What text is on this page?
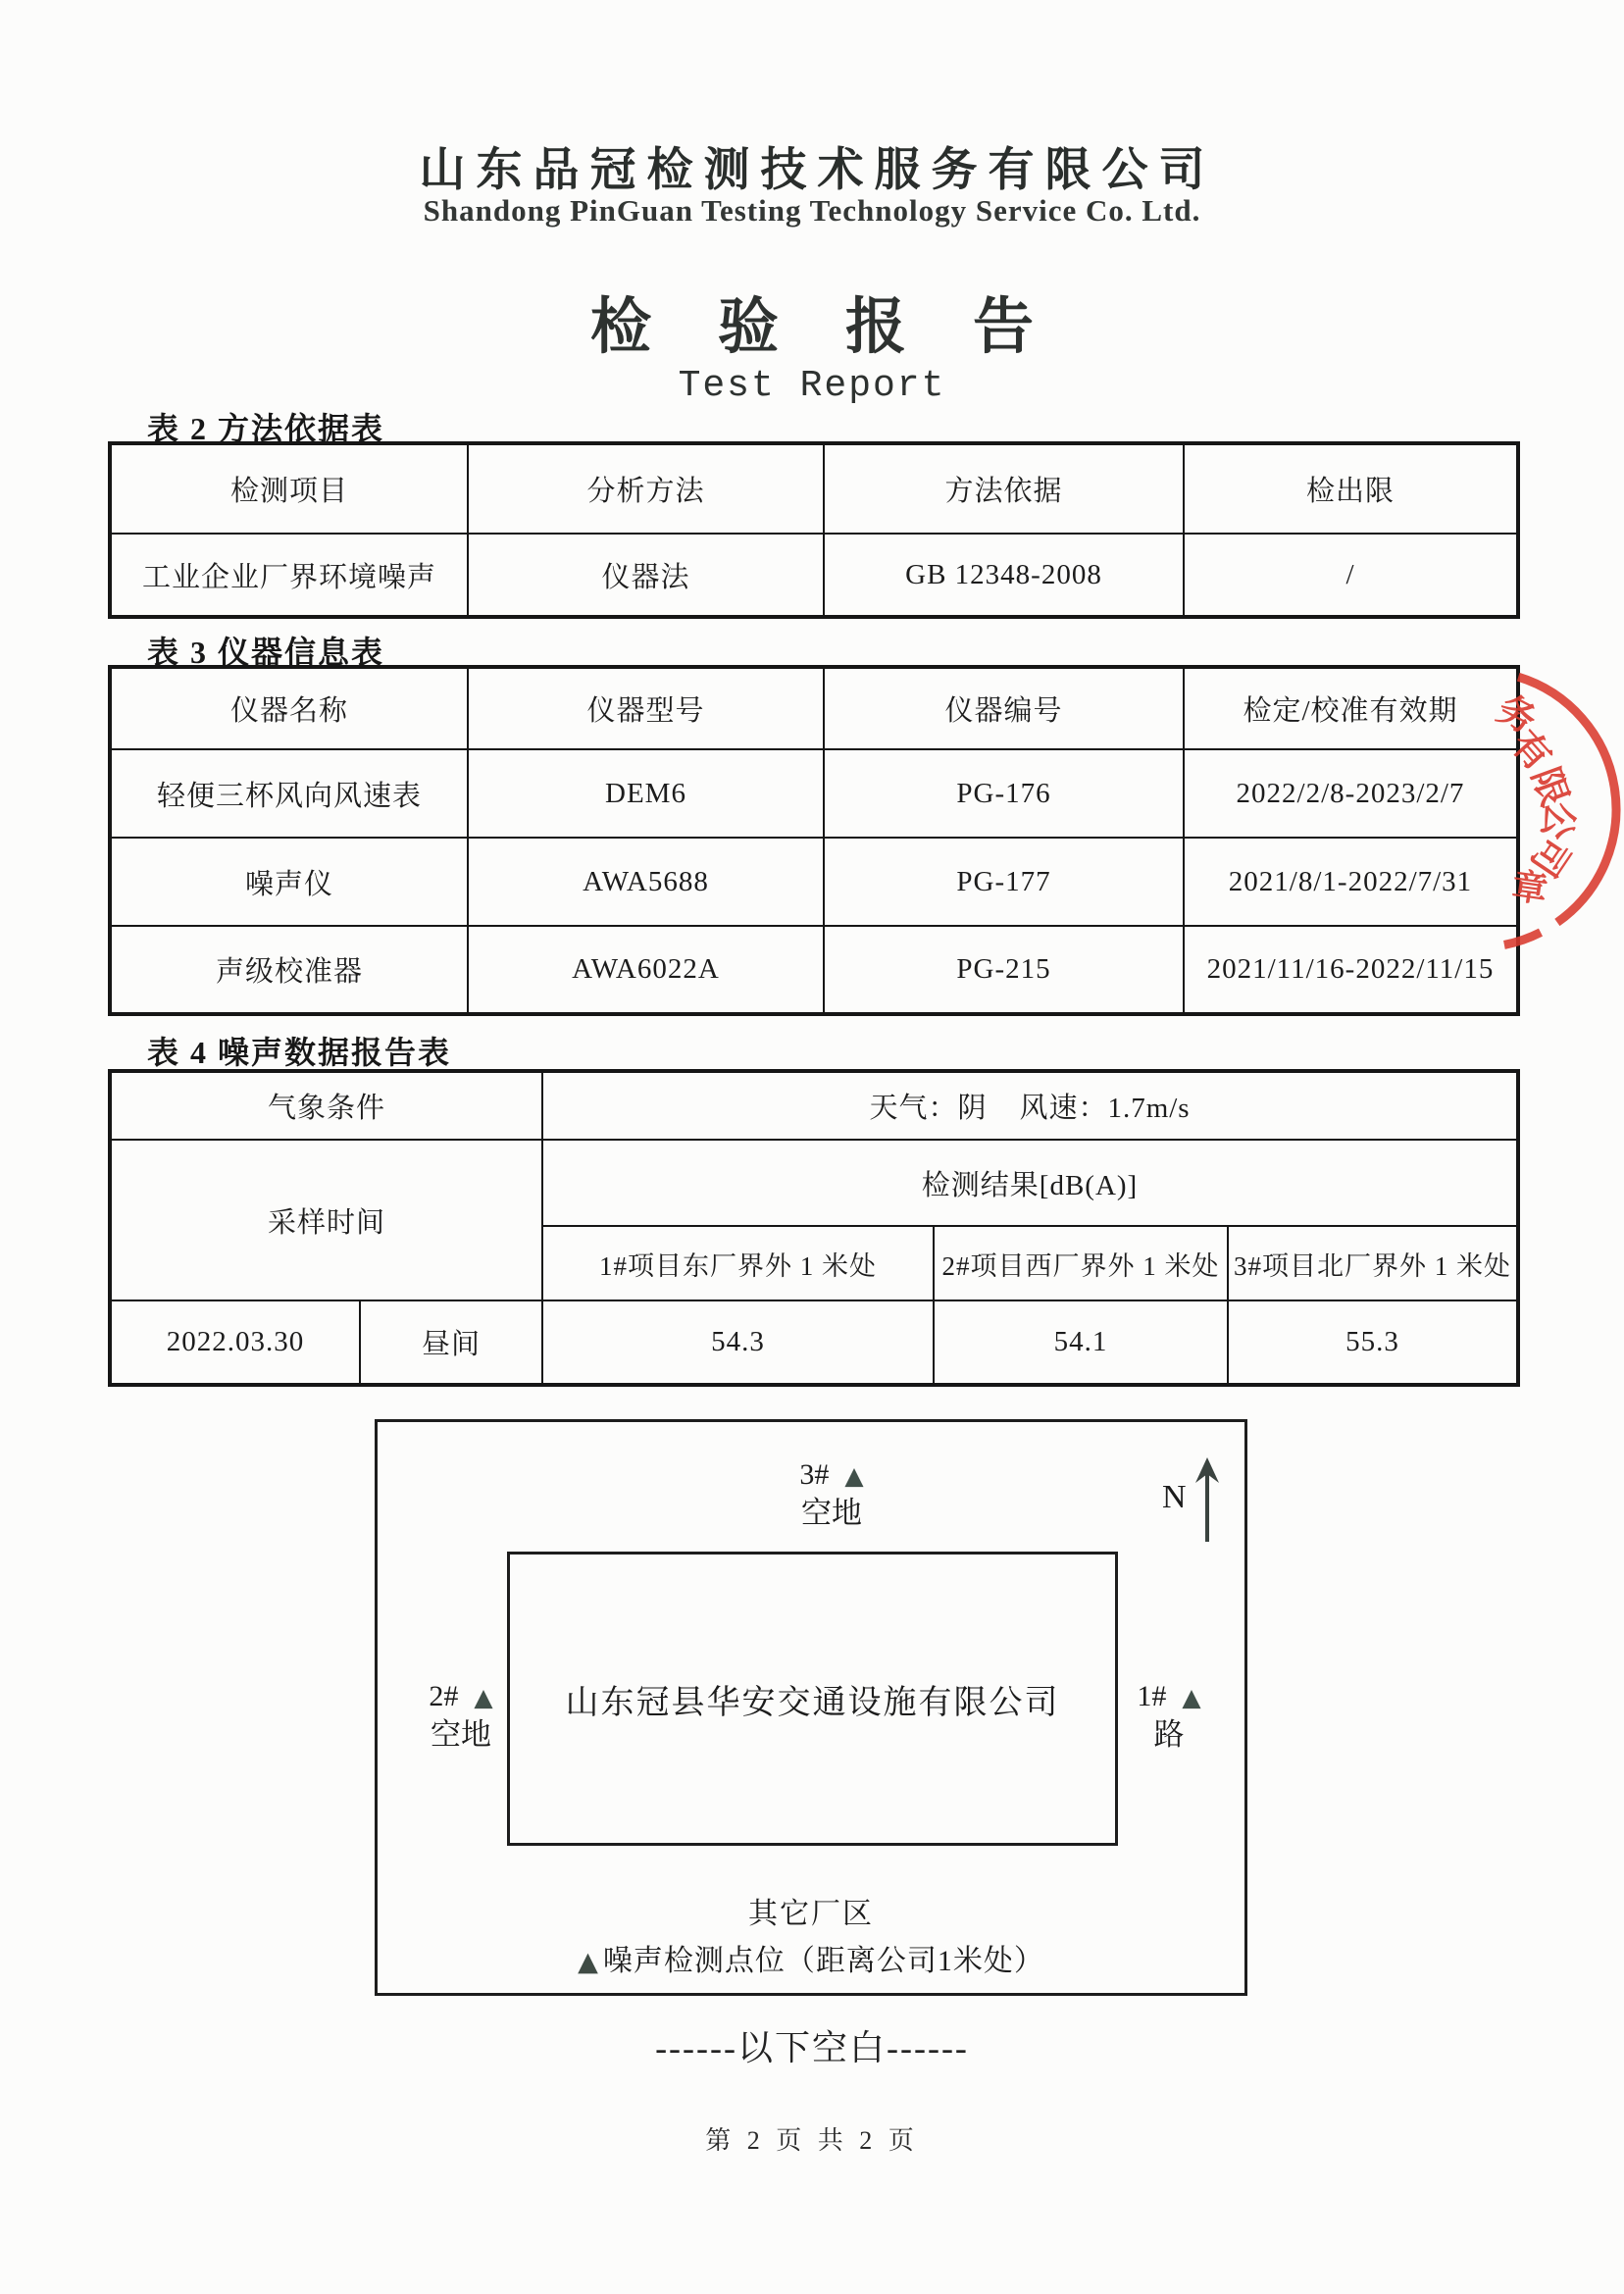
山东品冠检测技术服务有限公司
Shandong PinGuan Testing Technology Service Co. Ltd.
检验报告
Test Report
表 2 方法依据表
检测项目	分析方法	方法依据	检出限
工业企业厂界环境噪声	仪器法	GB 12348-2008	/
表 3 仪器信息表
仪器名称	仪器型号	仪器编号	检定/校准有效期
轻便三杯风向风速表	DEM6	PG-176	2022/2/8-2023/2/7
噪声仪	AWA5688	PG-177	2021/8/1-2022/7/31
声级校准器	AWA6022A	PG-215	2021/11/16-2022/11/15
表 4 噪声数据报告表
气象条件		天气：阴    风速：1.7m/s		
采样时间		检测结果[dB(A)]		
		1#项目东厂界外 1 米处	2#项目西厂界外 1 米处	3#项目北厂界外 1 米处
2022.03.30	昼间	54.3	54.1	55.3
3# ▲
空地	N
山东冠县华安交通设施有限公司
2# ▲
空地
1# ▲
路
其它厂区
▲ 噪声检测点位（距离公司1米处）
务
有
限
公
司
章
------以下空白------
第 2 页 共 2 页
